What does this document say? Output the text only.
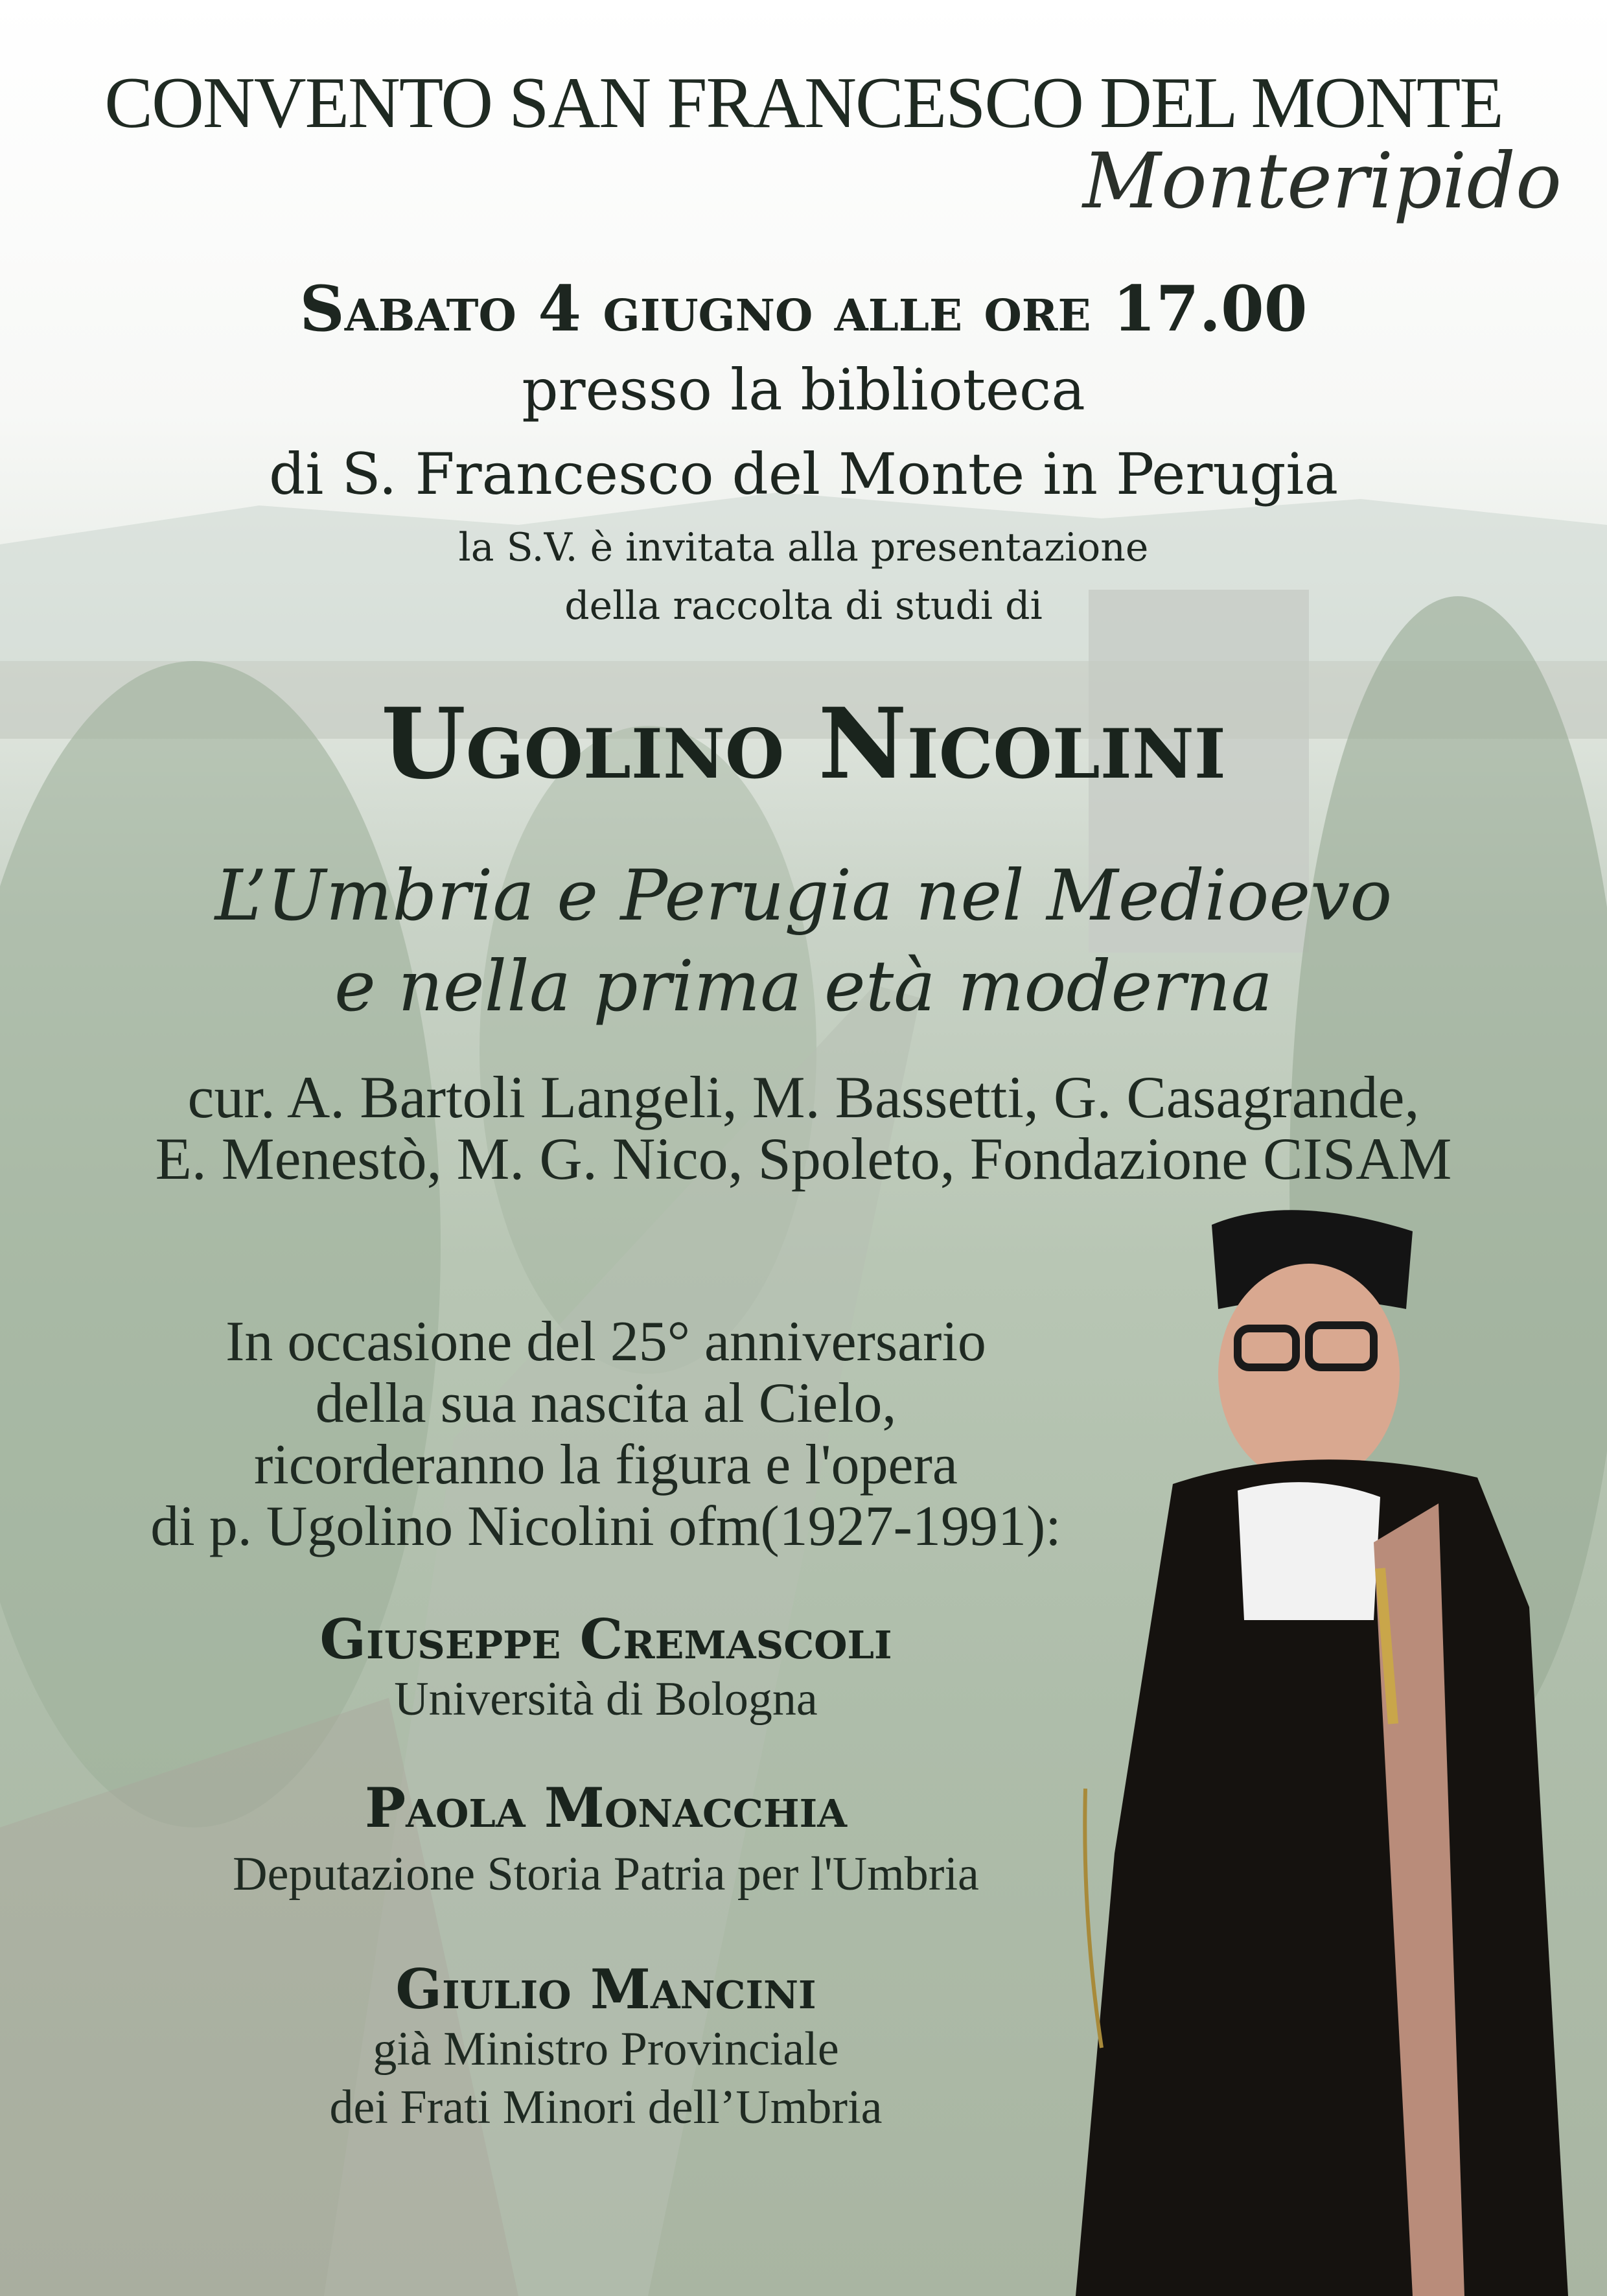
CONVENTO SAN FRANCESCO DEL MONTE
Monteripido
Sabato 4 giugno alle ore 17.00
presso la biblioteca
di S. Francesco del Monte in Perugia
la S.V. è invitata alla presentazione
della raccolta di studi di
Ugolino Nicolini
L’Umbria e Perugia nel Medioevo
e nella prima età moderna
cur. A. Bartoli Langeli, M. Bassetti, G. Casagrande,
E. Menestò, M. G. Nico, Spoleto, Fondazione CISAM
In occasione del 25° anniversario
della sua nascita al Cielo,
ricorderanno la figura e l'opera
di p. Ugolino Nicolini ofm(1927-1991):
Giuseppe Cremascoli
Università di Bologna
Paola Monacchia
Deputazione Storia Patria per l'Umbria
Giulio Mancini
già Ministro Provinciale
dei Frati Minori dell’Umbria
